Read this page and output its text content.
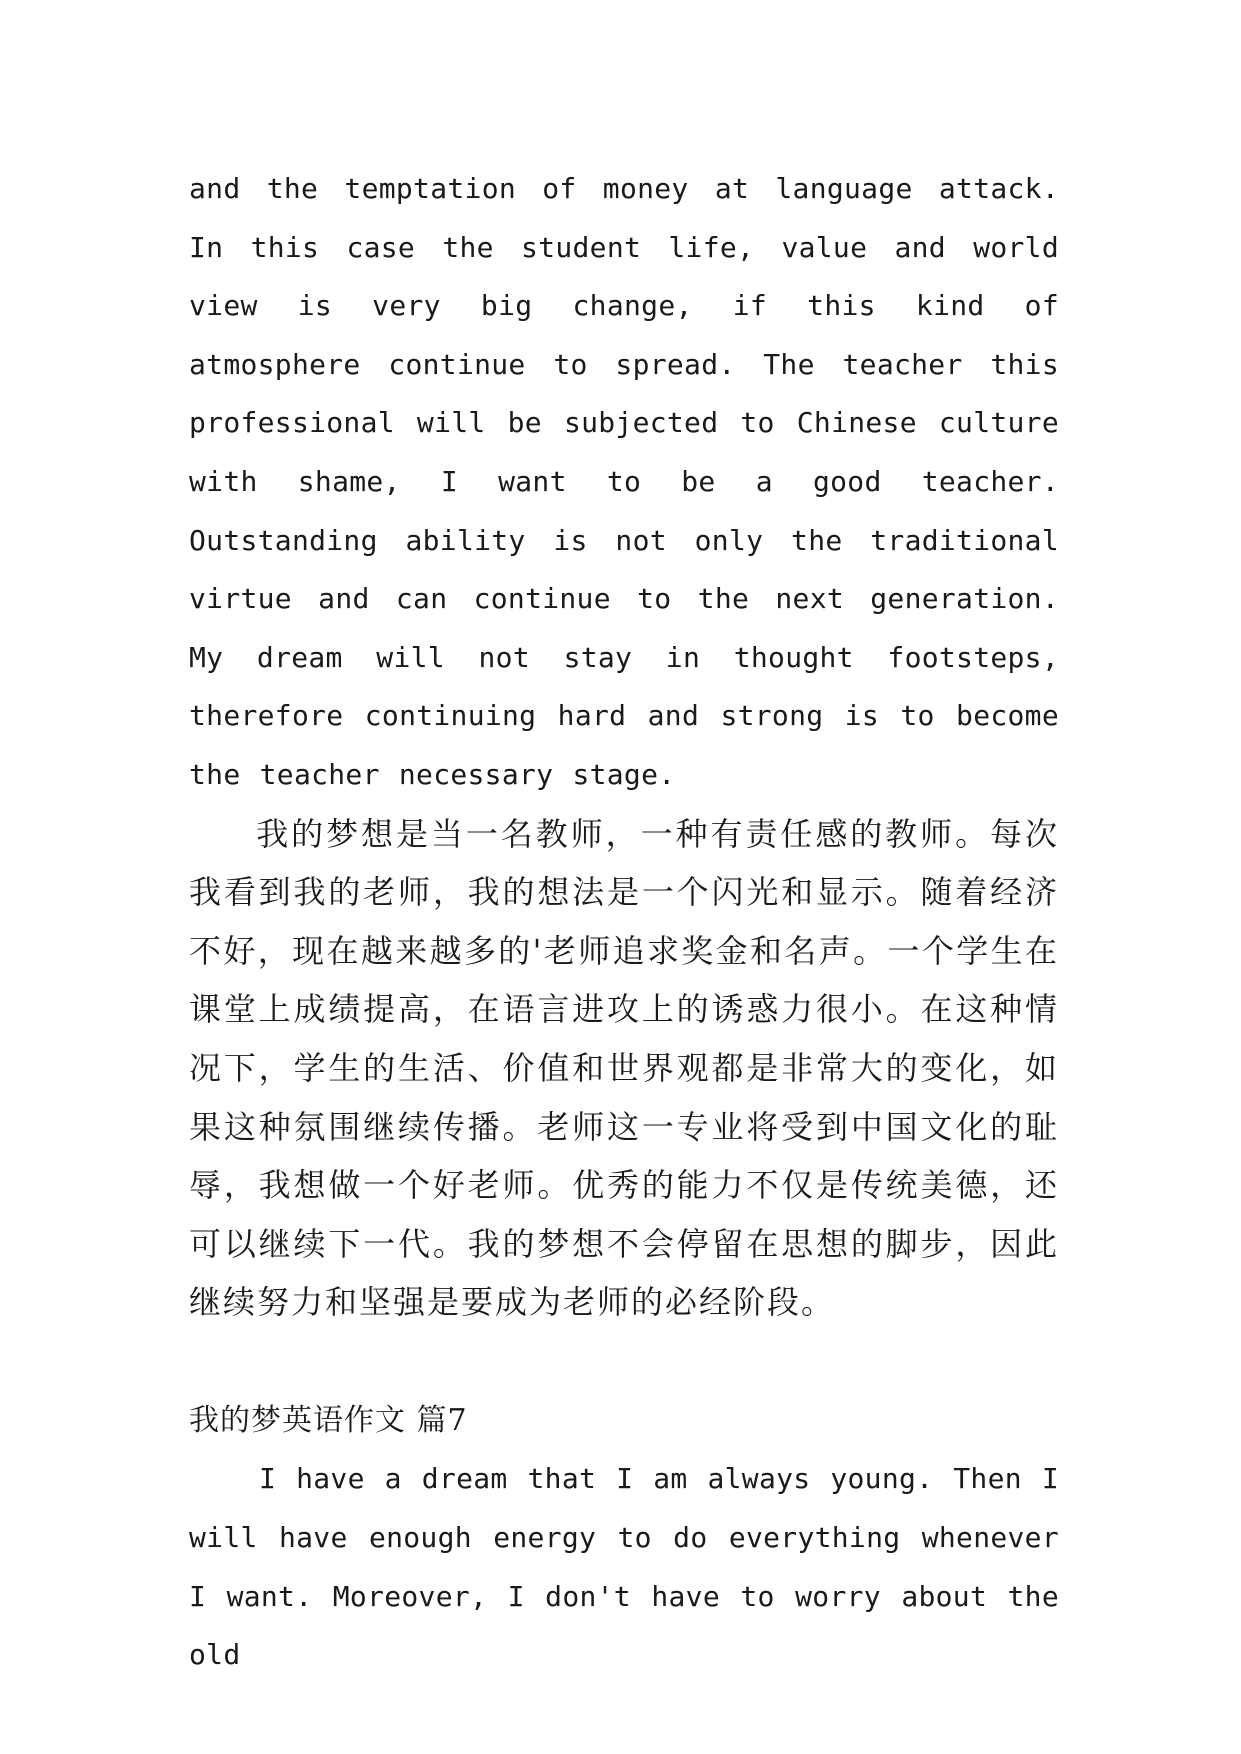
and the temptation of money at language attack. In this case the student life, value and world view is very big change, if this kind of atmosphere continue to spread. The teacher this professional will be subjected to Chinese culture with shame, I want to be a good teacher. Outstanding ability is not only the traditional virtue and can continue to the next generation. My dream will not stay in thought footsteps, therefore continuing hard and strong is to become the teacher necessary stage.

我的梦想是当一名教师，一种有责任感的教师。每次我看到我的老师，我的想法是一个闪光和显示。随着经济不好，现在越来越多的'老师追求奖金和名声。一个学生在课堂上成绩提高，在语言进攻上的诱惑力很小。在这种情况下，学生的生活、价值和世界观都是非常大的变化，如果这种氛围继续传播。老师这一专业将受到中国文化的耻辱，我想做一个好老师。优秀的能力不仅是传统美德，还可以继续下一代。我的梦想不会停留在思想的脚步，因此继续努力和坚强是要成为老师的必经阶段。

我的梦英语作文 篇7

I have a dream that I am always young. Then I will have enough energy to do everything whenever I want. Moreover, I don't have to worry about the old
